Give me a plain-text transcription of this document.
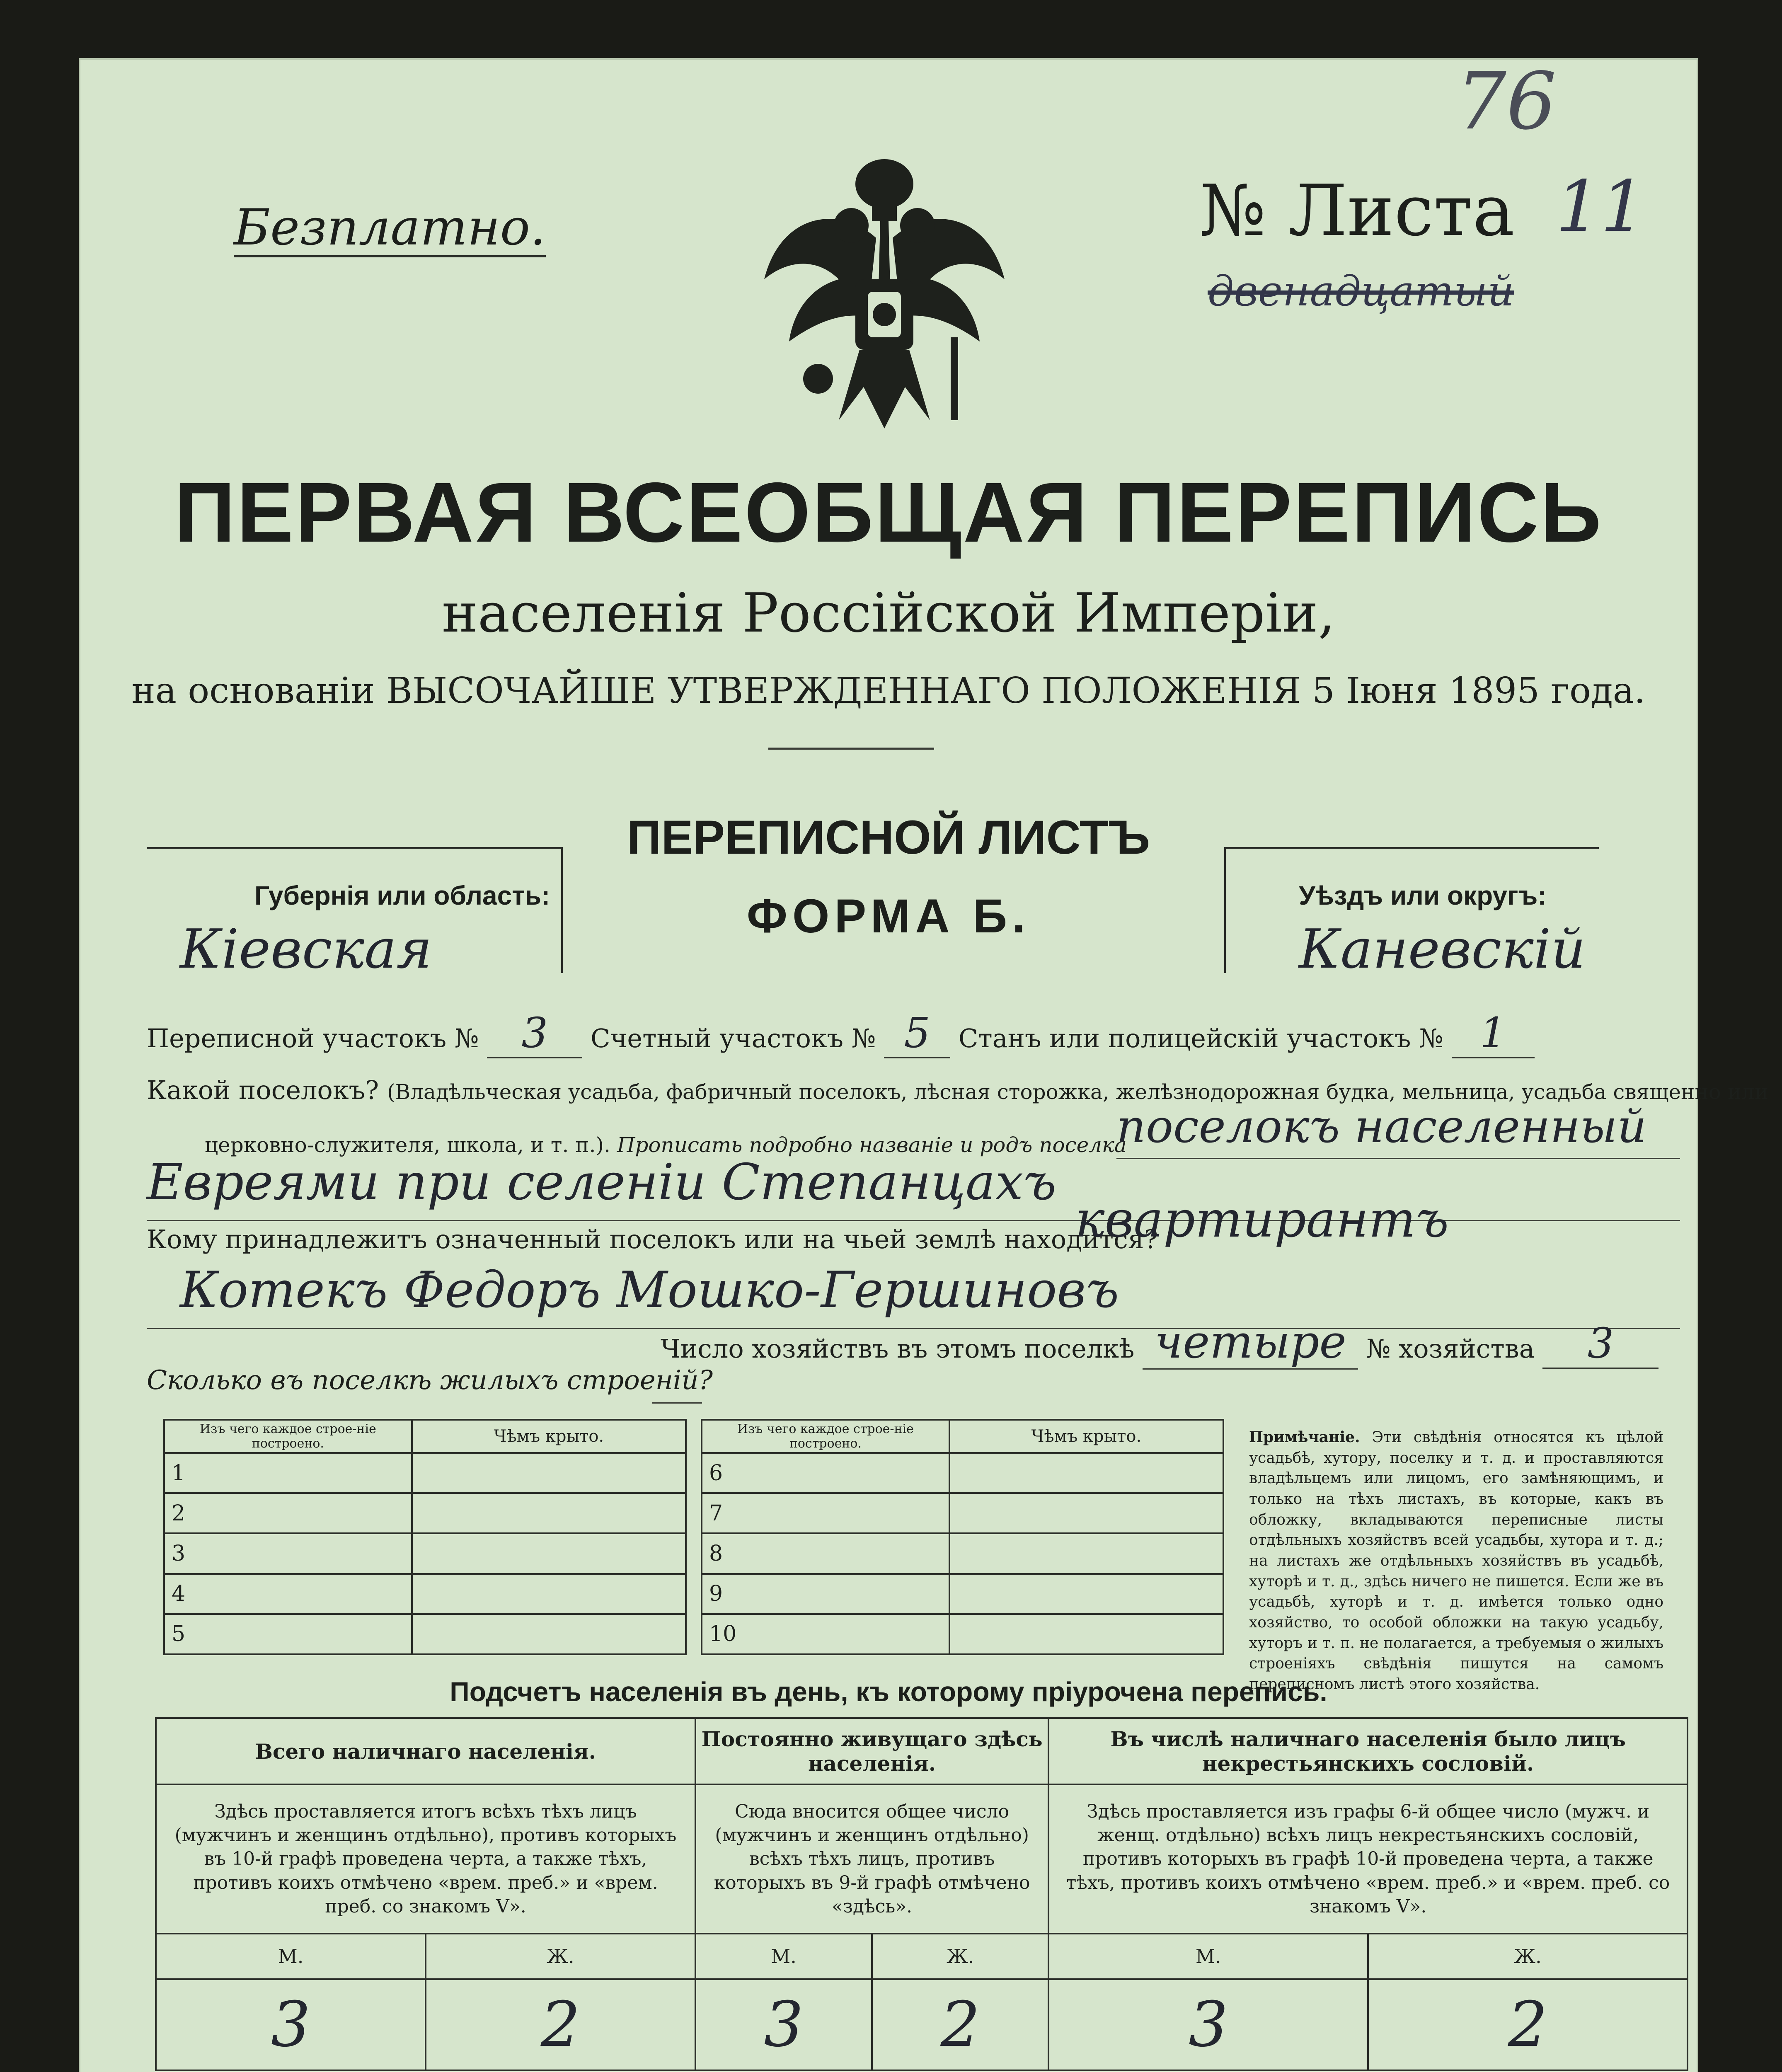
76
Безплатно.	№ Листа 11
двенадцатый
ПЕРВАЯ ВСЕОБЩАЯ ПЕРЕПИСЬ
населенія Россійской Имперіи,
на основаніи ВЫСОЧАЙШЕ УТВЕРЖДЕННАГО ПОЛОЖЕНІЯ 5 Іюня 1895 года.
ПЕРЕПИСНОЙ ЛИСТЪ
ФОРМА Б.
Губернія или область:
Кіевская
Уѣздъ или округъ:
Каневскій
Переписной участокъ № 3 Счетный участокъ № 5 Станъ или полицейскій участокъ № 1
Какой поселокъ? (Владѣльческая усадьба, фабричный поселокъ, лѣсная сторожка, желѣзнодорожная будка, мельница, усадьба священно или
церковно-служителя, школа, и т. п.). Прописать подробно названіе и родъ поселка
поселокъ населенный
Евреями при селеніи Степанцахъ
Кому принадлежитъ означенный поселокъ или на чьей землѣ находится?
квартирантъ
Котекъ Федоръ Мошко-Гершиновъ
Число хозяйствъ въ этомъ поселкѣ четыре № хозяйства 3
Сколько въ поселкѣ жилыхъ строеній?
Изъ чего каждое строе-ніе построено.	Чѣмъ крыто.		Изъ чего каждое строе-ніе построено.	Чѣмъ крыто.
1			6	
2			7	
3			8	
4			9	
5			10	
Примѣчаніе. Эти свѣдѣнія относятся къ цѣлой усадьбѣ, хутору, поселку и т. д. и проставляются владѣльцемъ или лицомъ, его замѣняющимъ, и только на тѣхъ листахъ, въ которые, какъ въ обложку, вкладываются переписные листы отдѣльныхъ хозяйствъ всей усадьбы, хутора и т. д.; на листахъ же отдѣльныхъ хозяйствъ въ усадьбѣ, хуторѣ и т. д., здѣсь ничего не пишется. Если же въ усадьбѣ, хуторѣ и т. д. имѣется только одно хозяйство, то особой обложки на такую усадьбу, хуторъ и т. п. не полагается, а требуемыя о жилыхъ строеніяхъ свѣдѣнія пишутся на самомъ переписномъ листѣ этого хозяйства.
Подсчетъ населенія въ день, къ которому пріурочена перепись.
Всего наличнаго населенія.		Постоянно живущаго здѣсь населенія.		Въ числѣ наличнаго населенія было лицъ некрестьянскихъ сословій.	
Здѣсь проставляется итогъ всѣхъ тѣхъ лицъ (мужчинъ и женщинъ отдѣльно), противъ которыхъ въ 10-й графѣ проведена черта, а также тѣхъ, противъ коихъ отмѣчено «врем. преб.» и «врем. преб. со знакомъ V».		Сюда вносится общее число (мужчинъ и женщинъ отдѣльно) всѣхъ тѣхъ лицъ, противъ которыхъ въ 9-й графѣ отмѣчено «здѣсь».		Здѣсь проставляется изъ графы 6-й общее число (мужч. и женщ. отдѣльно) всѣхъ лицъ некрестьянскихъ сословій, противъ которыхъ въ графѣ 10-й проведена черта, а также тѣхъ, противъ коихъ отмѣчено «врем. преб.» и «врем. преб. со знакомъ V».	
М.	Ж.	М.	Ж.	М.	Ж.
3	2	3	2	3	2
